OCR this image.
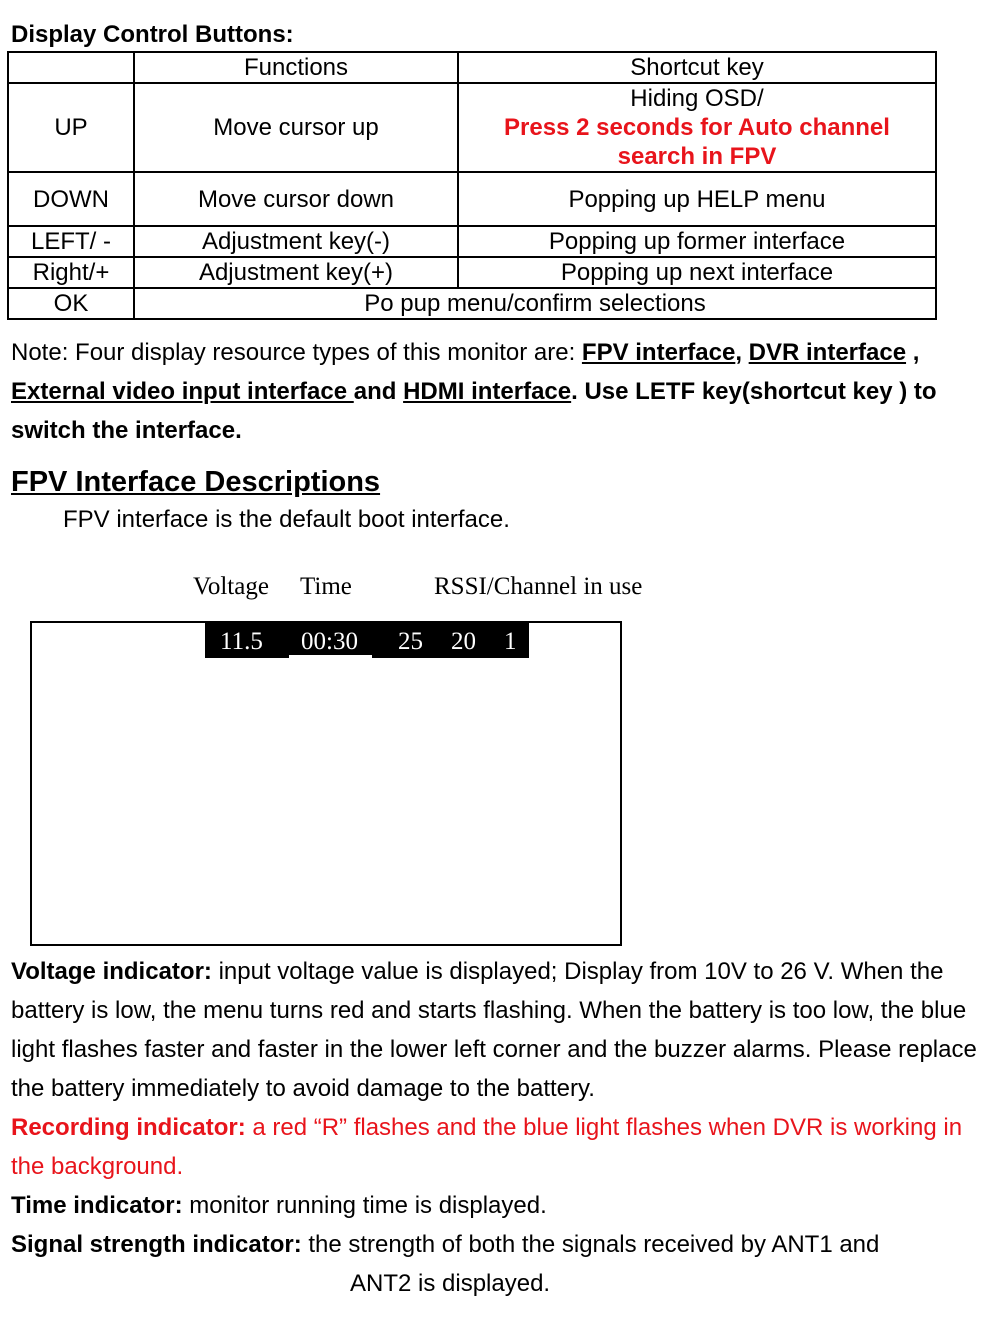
Display Control Buttons:
	Functions	Shortcut key
UP	Move cursor up	Hiding OSD/
Press 2 seconds for Auto channel search in FPV

DOWN	Move cursor down	Popping up HELP menu
LEFT/ -	Adjustment key(-)	Popping up former interface
Right/+	Adjustment key(+)	Popping up next interface
OK	Po pup menu/confirm selections	
Note: Four display resource types of this monitor are: FPV interface, DVR interface , External video input interface and HDMI interface. Use LETF key(shortcut key ) to switch the interface.
FPV Interface Descriptions
FPV interface is the default boot interface.
Voltage Time	RSSI/Channel in use
11.5 00:30 25 20 1

Voltage indicator: input voltage value is displayed; Display from 10V to 26 V. When the battery is low, the menu turns red and starts flashing. When the battery is too low, the blue light flashes faster and faster in the lower left corner and the buzzer alarms. Please replace the battery immediately to avoid damage to the battery.

Recording indicator: a red “R” flashes and the blue light flashes when DVR is working in the background.

Time indicator: monitor running time is displayed.

Signal strength indicator: the strength of both the signals received by ANT1 and

ANT2 is displayed.
